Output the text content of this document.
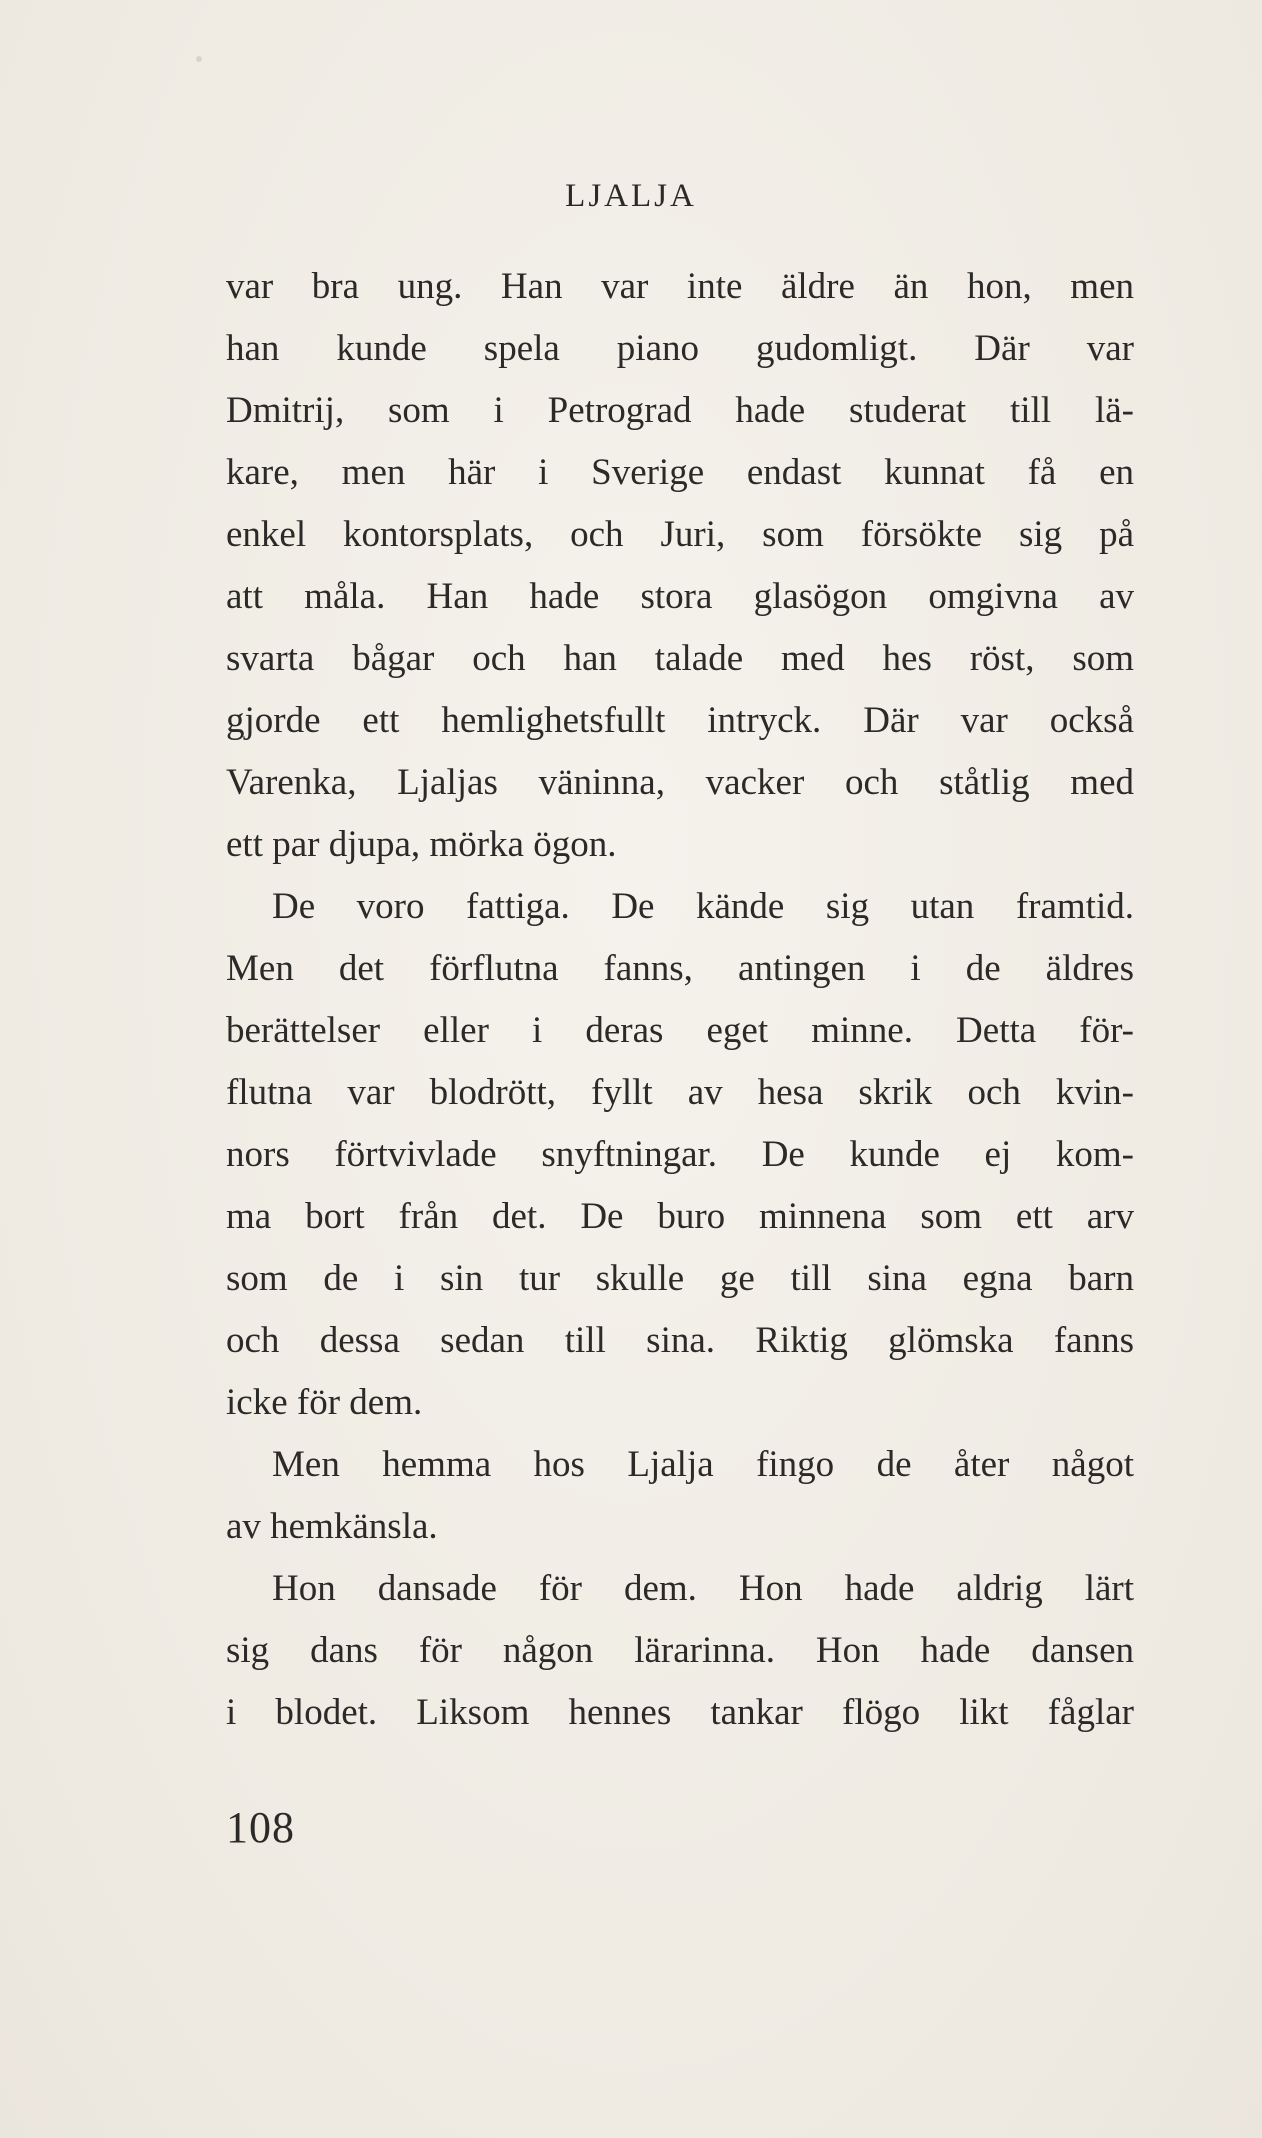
LJALJA
var bra ung. Han var inte äldre än hon, men
han kunde spela piano gudomligt. Där var
Dmitrij, som i Petrograd hade studerat till lä-
kare, men här i Sverige endast kunnat få en
enkel kontorsplats, och Juri, som försökte sig på
att måla. Han hade stora glasögon omgivna av
svarta bågar och han talade med hes röst, som
gjorde ett hemlighetsfullt intryck. Där var också
Varenka, Ljaljas väninna, vacker och ståtlig med
ett par djupa, mörka ögon.
De voro fattiga. De kände sig utan framtid.
Men det förflutna fanns, antingen i de äldres
berättelser eller i deras eget minne. Detta för-
flutna var blodrött, fyllt av hesa skrik och kvin-
nors förtvivlade snyftningar. De kunde ej kom-
ma bort från det. De buro minnena som ett arv
som de i sin tur skulle ge till sina egna barn
och dessa sedan till sina. Riktig glömska fanns
icke för dem.
Men hemma hos Ljalja fingo de åter något
av hemkänsla.
Hon dansade för dem. Hon hade aldrig lärt
sig dans för någon lärarinna. Hon hade dansen
i blodet. Liksom hennes tankar flögo likt fåglar
108
